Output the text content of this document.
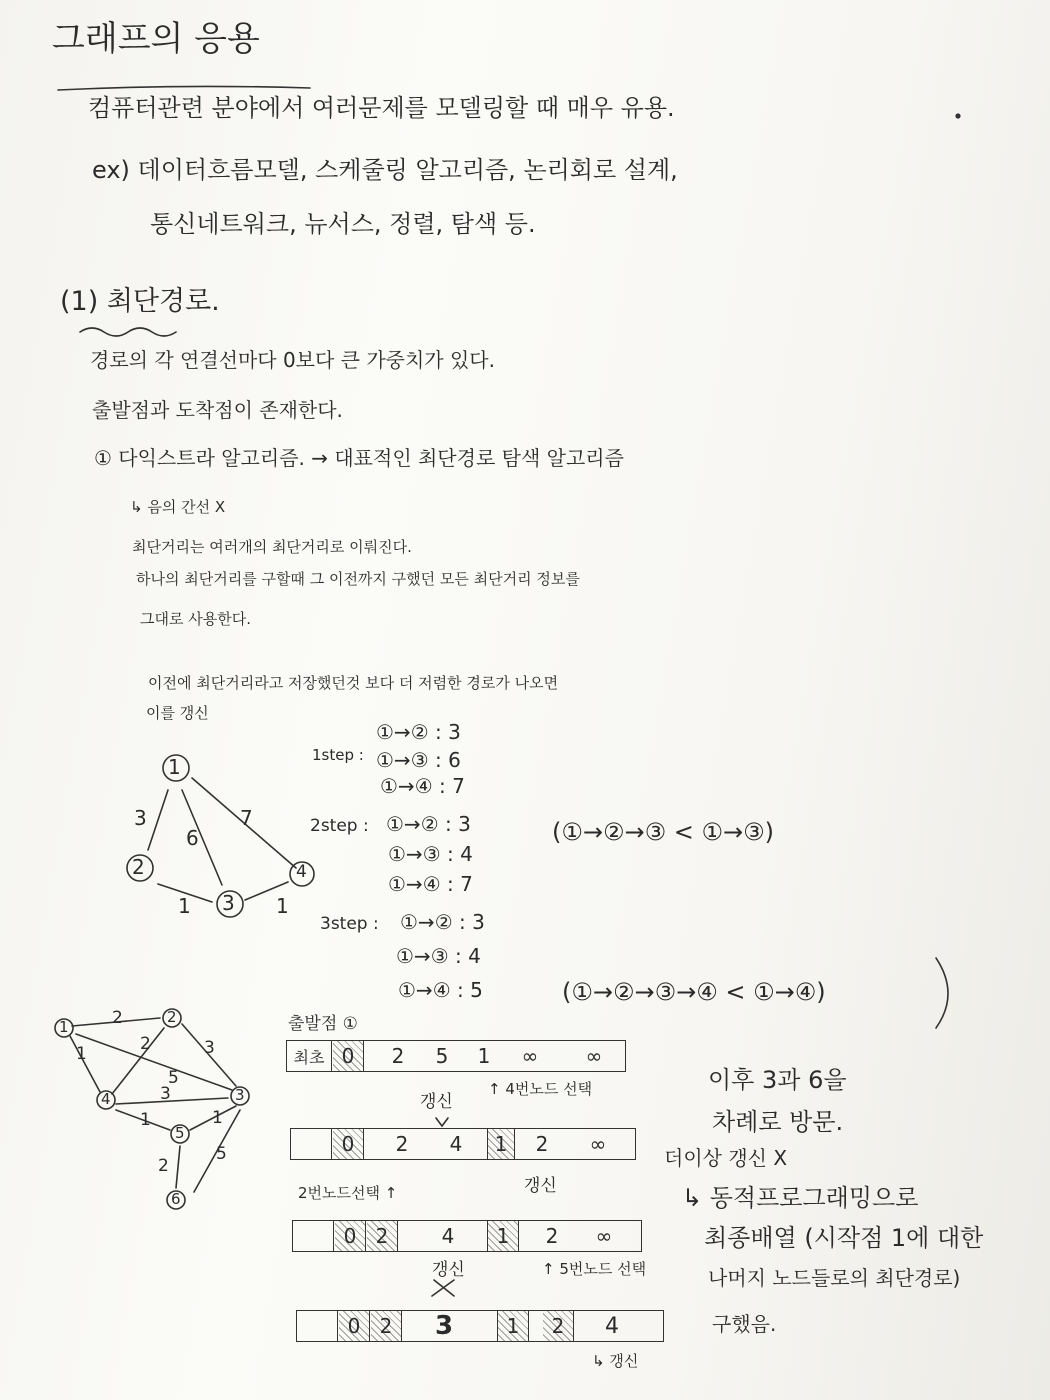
그래프의 응용
컴퓨터관련 분야에서 여러문제를 모델링할 때 매우 유용.
ex) 데이터흐름모델, 스케줄링 알고리즘, 논리회로 설계,
통신네트워크, 뉴서스, 정렬, 탐색 등.
(1) 최단경로.
경로의 각 연결선마다 0보다 큰 가중치가 있다.
출발점과 도착점이 존재한다.
① 다익스트라 알고리즘. → 대표적인 최단경로 탐색 알고리즘
↳ 음의 간선 X
최단거리는 여러개의 최단거리로 이뤄진다.
하나의 최단거리를 구할때 그 이전까지 구했던 모든 최단거리 정보를
그대로 사용한다.
이전에 최단거리라고 저장했던것 보다 더 저렴한 경로가 나오면
이를 갱신
1
2
3
4
3
6
7
1	1
1step :
①→② : 3
①→③ : 6
①→④ : 7
2step : ①→② : 3
①→③ : 4
①→④ : 7
(①→②→③ < ①→③)
3step : ①→② : 3
①→③ : 4
①→④ : 5	(①→②→③→④ < ①→④)
1
2
3
4
5
6
2
1	2	3
5
3
1	1
2
5
출발점 ①
최초 0	2	5	1	∞	∞
↑ 4번노드 선택
갱신
0	2	4	1	2	∞
2번노드선택 ↑	갱신
0 2	4	1	2	∞
↑ 5번노드 선택
갱신
0 2	3	1	2	4
↳ 갱신
이후 3과 6을
차례로 방문.
더이상 갱신 X
↳ 동적프로그래밍으로
최종배열 (시작점 1에 대한
나머지 노드들로의 최단경로)
구했음.
